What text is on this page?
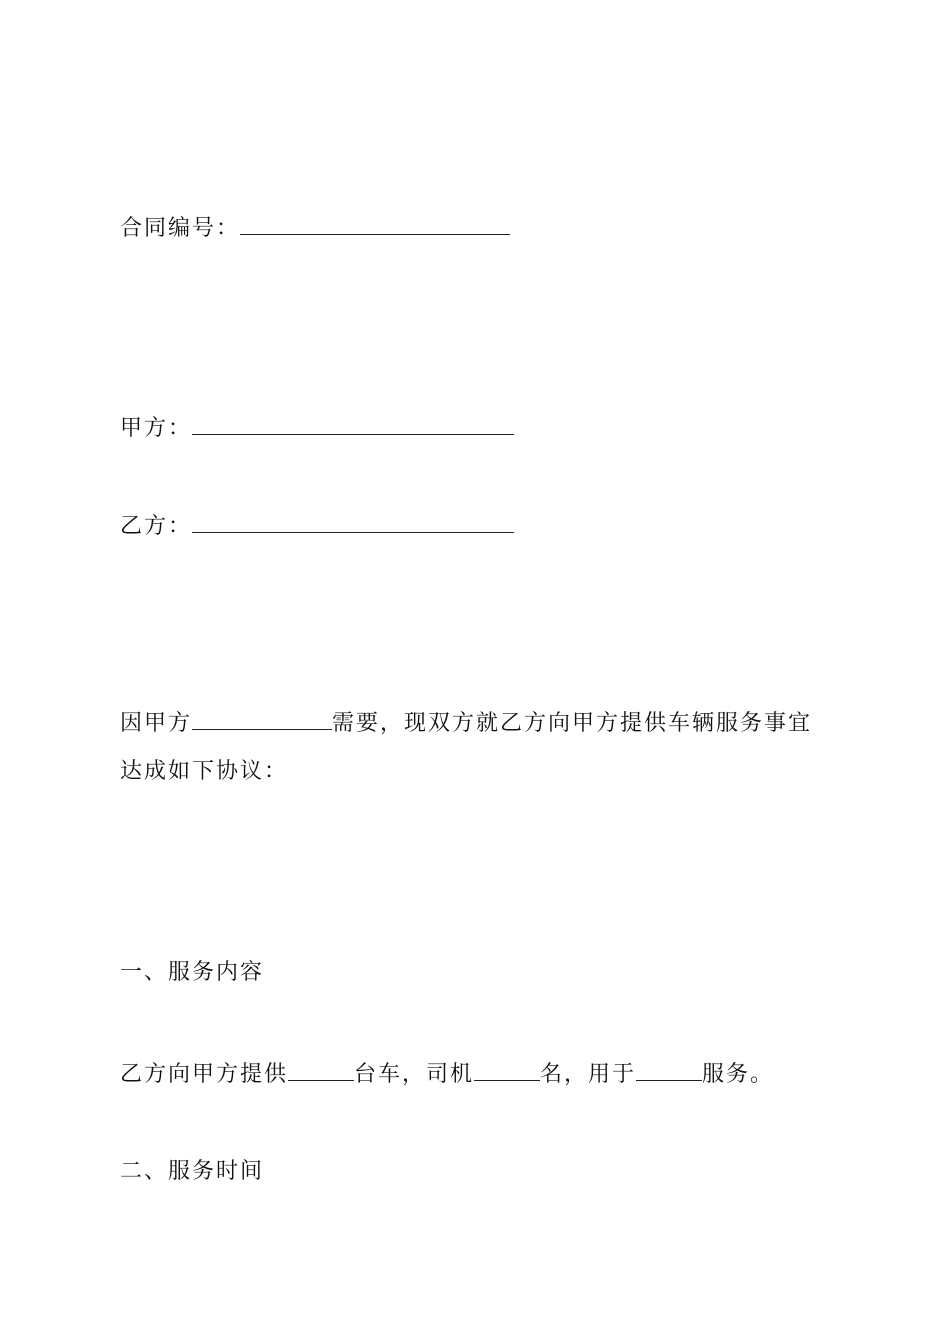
合同编号：
甲方：
乙方：
因甲方	需要，现双方就乙方向甲方提供车辆服务事宜
达成如下协议：
一、服务内容
乙方向甲方提供	台车，司机	名，用于	服务。
二、服务时间
